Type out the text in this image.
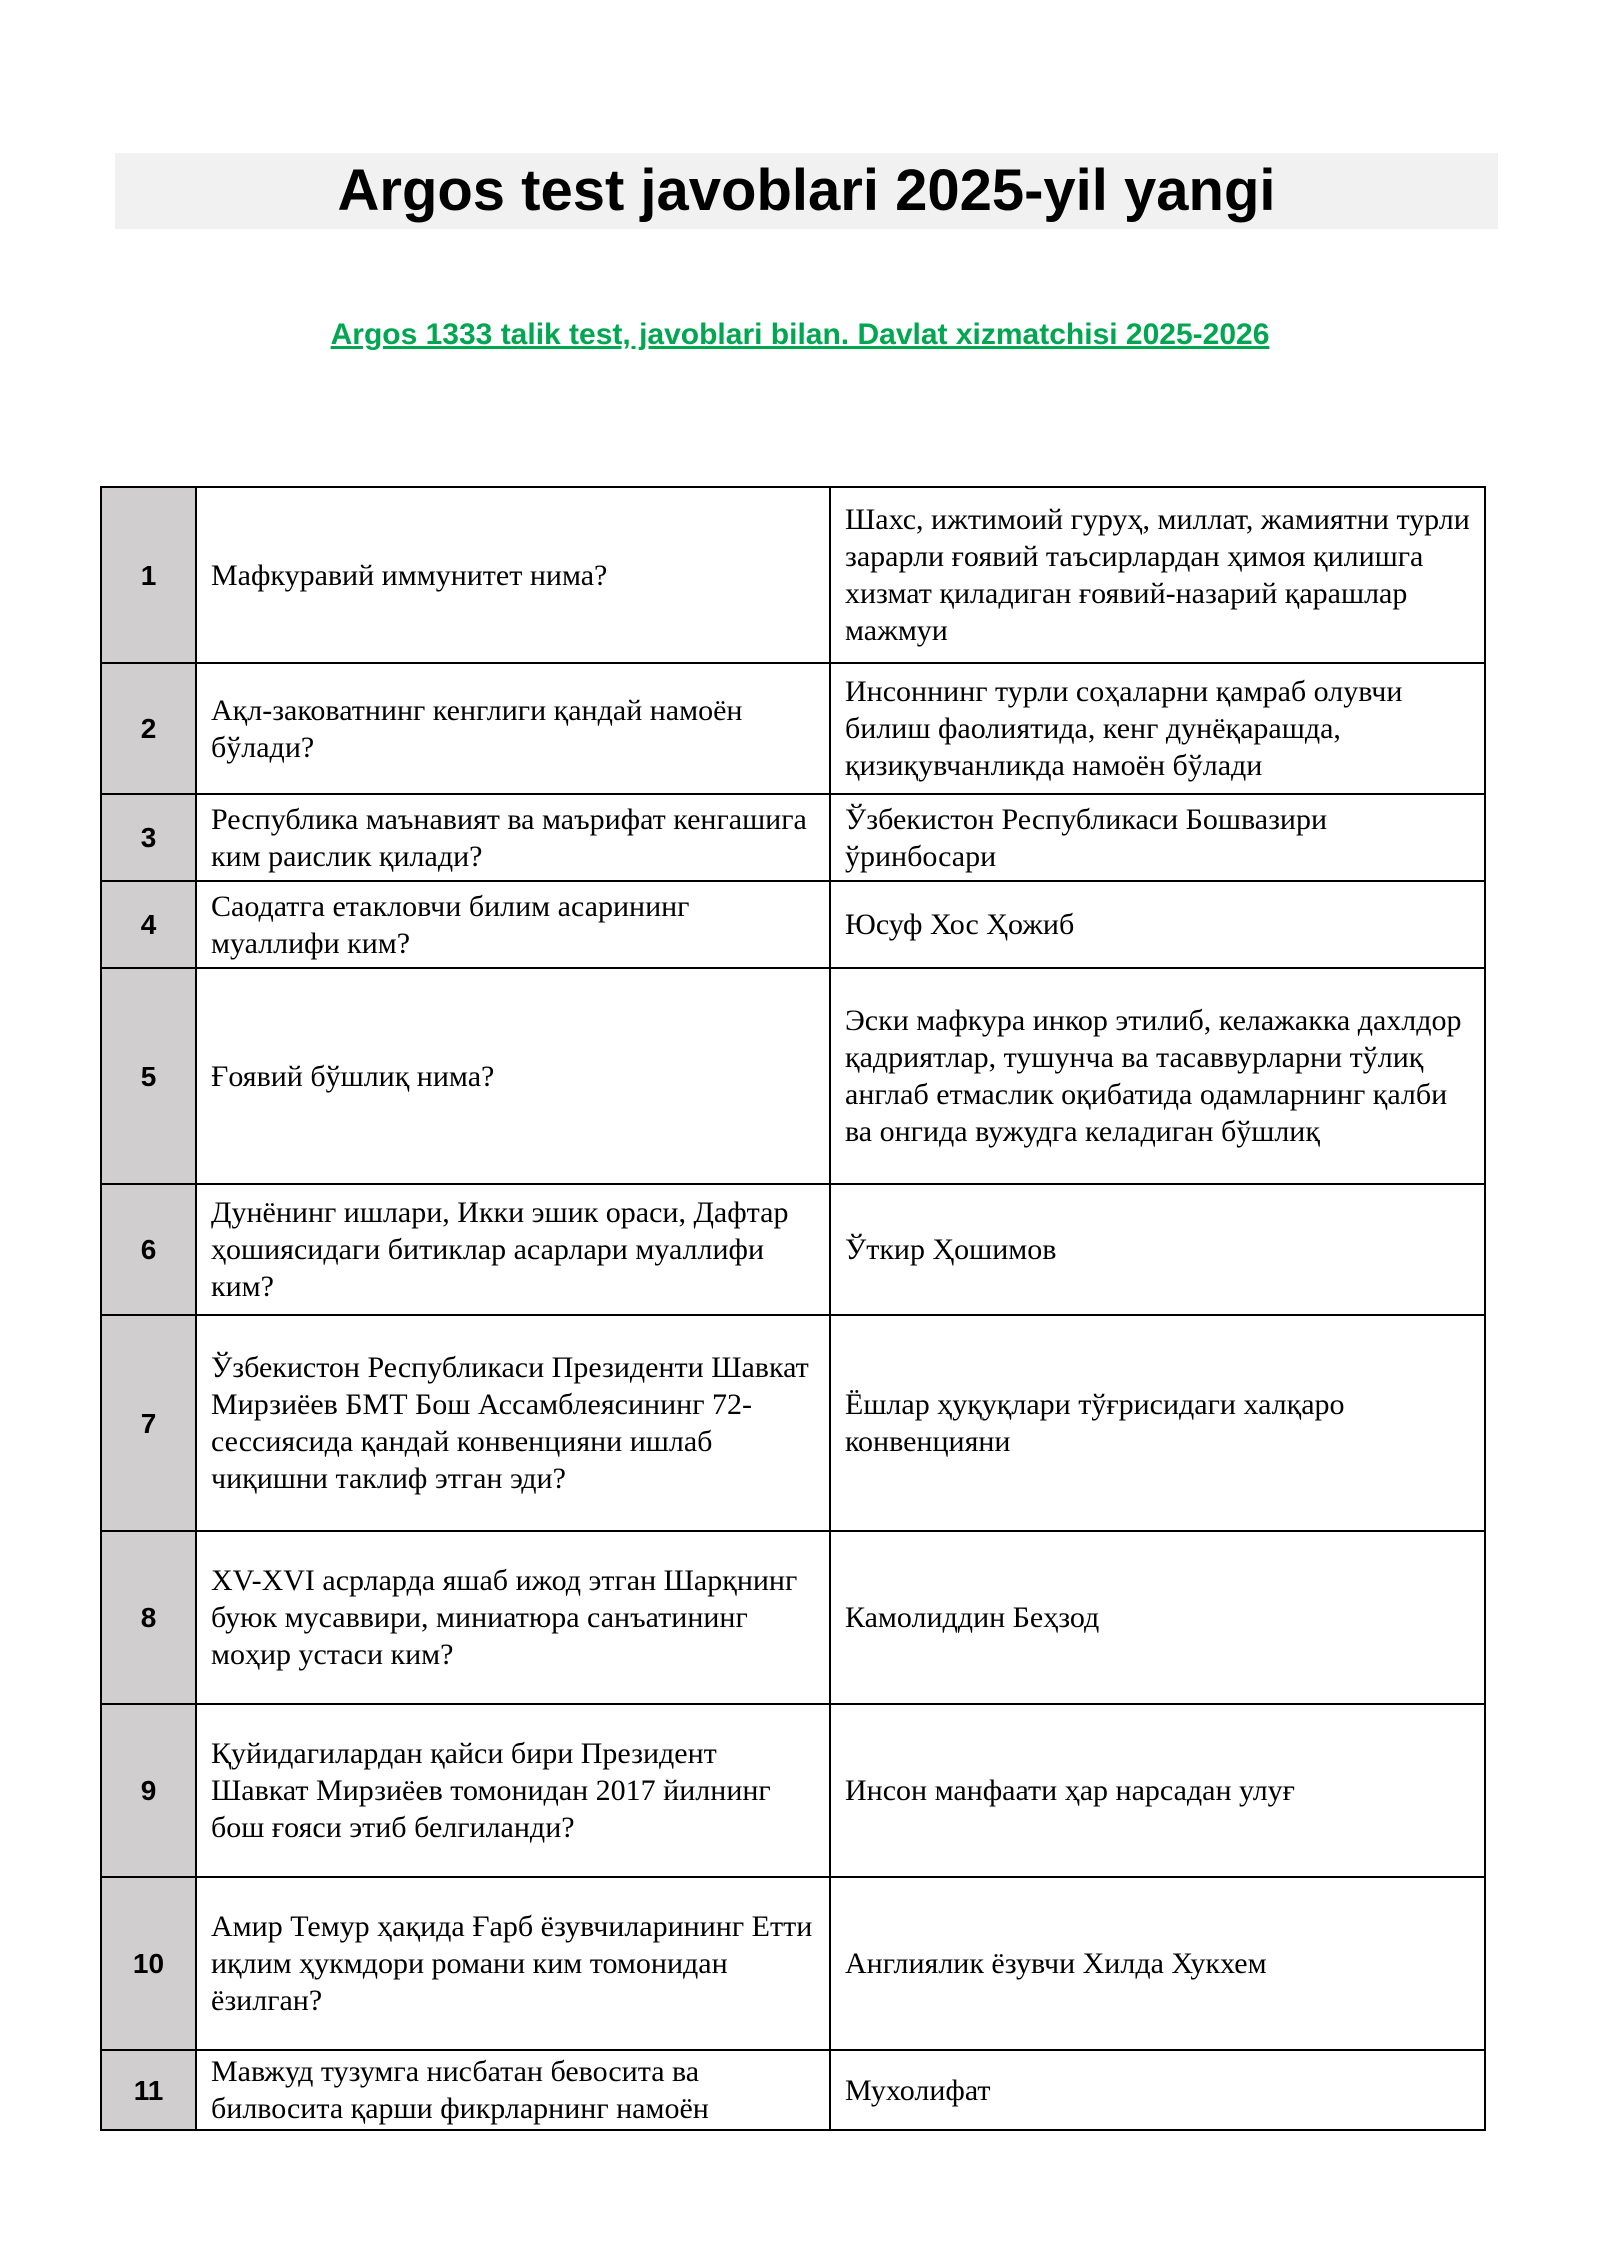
Argos test javoblari 2025-yil yangi
Argos 1333 talik test, javoblari bilan. Davlat xizmatchisi 2025-2026
1	Мафкуравий иммунитет нима?	Шахс, ижтимоий гуруҳ, миллат, жамиятни турли зарарли ғоявий таъсирлардан ҳимоя қилишга хизмат қиладиган ғоявий-назарий қарашлар мажмуи
2	Ақл-заковатнинг кенглиги қандай намоён бўлади?	Инсоннинг турли соҳаларни қамраб олувчи билиш фаолиятида, кенг дунёқарашда, қизиқувчанликда намоён бўлади
3	Республика маънавият ва маърифат кенгашига ким раислик қилади?	Ўзбекистон Республикаси Бошвазири ўринбосари
4	Саодатга етакловчи билим асарининг муаллифи ким?	Юсуф Хос Ҳожиб
5	Ғоявий бўшлиқ нима?	Эски мафкура инкор этилиб, келажакка дахлдор қадриятлар, тушунча ва тасаввурларни тўлиқ англаб етмаслик оқибатида одамларнинг қалби ва онгида вужудга келадиган бўшлиқ
6	Дунёнинг ишлари, Икки эшик ораси, Дафтар ҳошиясидаги битиклар асарлари муаллифи ким?	Ўткир Ҳошимов
7	Ўзбекистон Республикаси Президенти Шавкат Мирзиёев БМТ Бош Ассамблеясининг 72-сессиясида қандай конвенцияни ишлаб чиқишни таклиф этган эди?	Ёшлар ҳуқуқлари тўғрисидаги халқаро конвенцияни
8	XV-XVI асрларда яшаб ижод этган Шарқнинг буюк мусаввири, миниатюра санъатининг моҳир устаси ким?	Камолиддин Беҳзод
9	Қуйидагилардан қайси бири Президент Шавкат Мирзиёев томонидан 2017 йилнинг бош ғояси этиб белгиланди?	Инсон манфаати ҳар нарсадан улуғ
10	Амир Темур ҳақида Ғарб ёзувчиларининг Етти иқлим ҳукмдори романи ким томонидан ёзилган?	Англиялик ёзувчи Хилда Хукхем
11	Мавжуд тузумга нисбатан бевосита ва билвосита қарши фикрларнинг намоён	Мухолифат
